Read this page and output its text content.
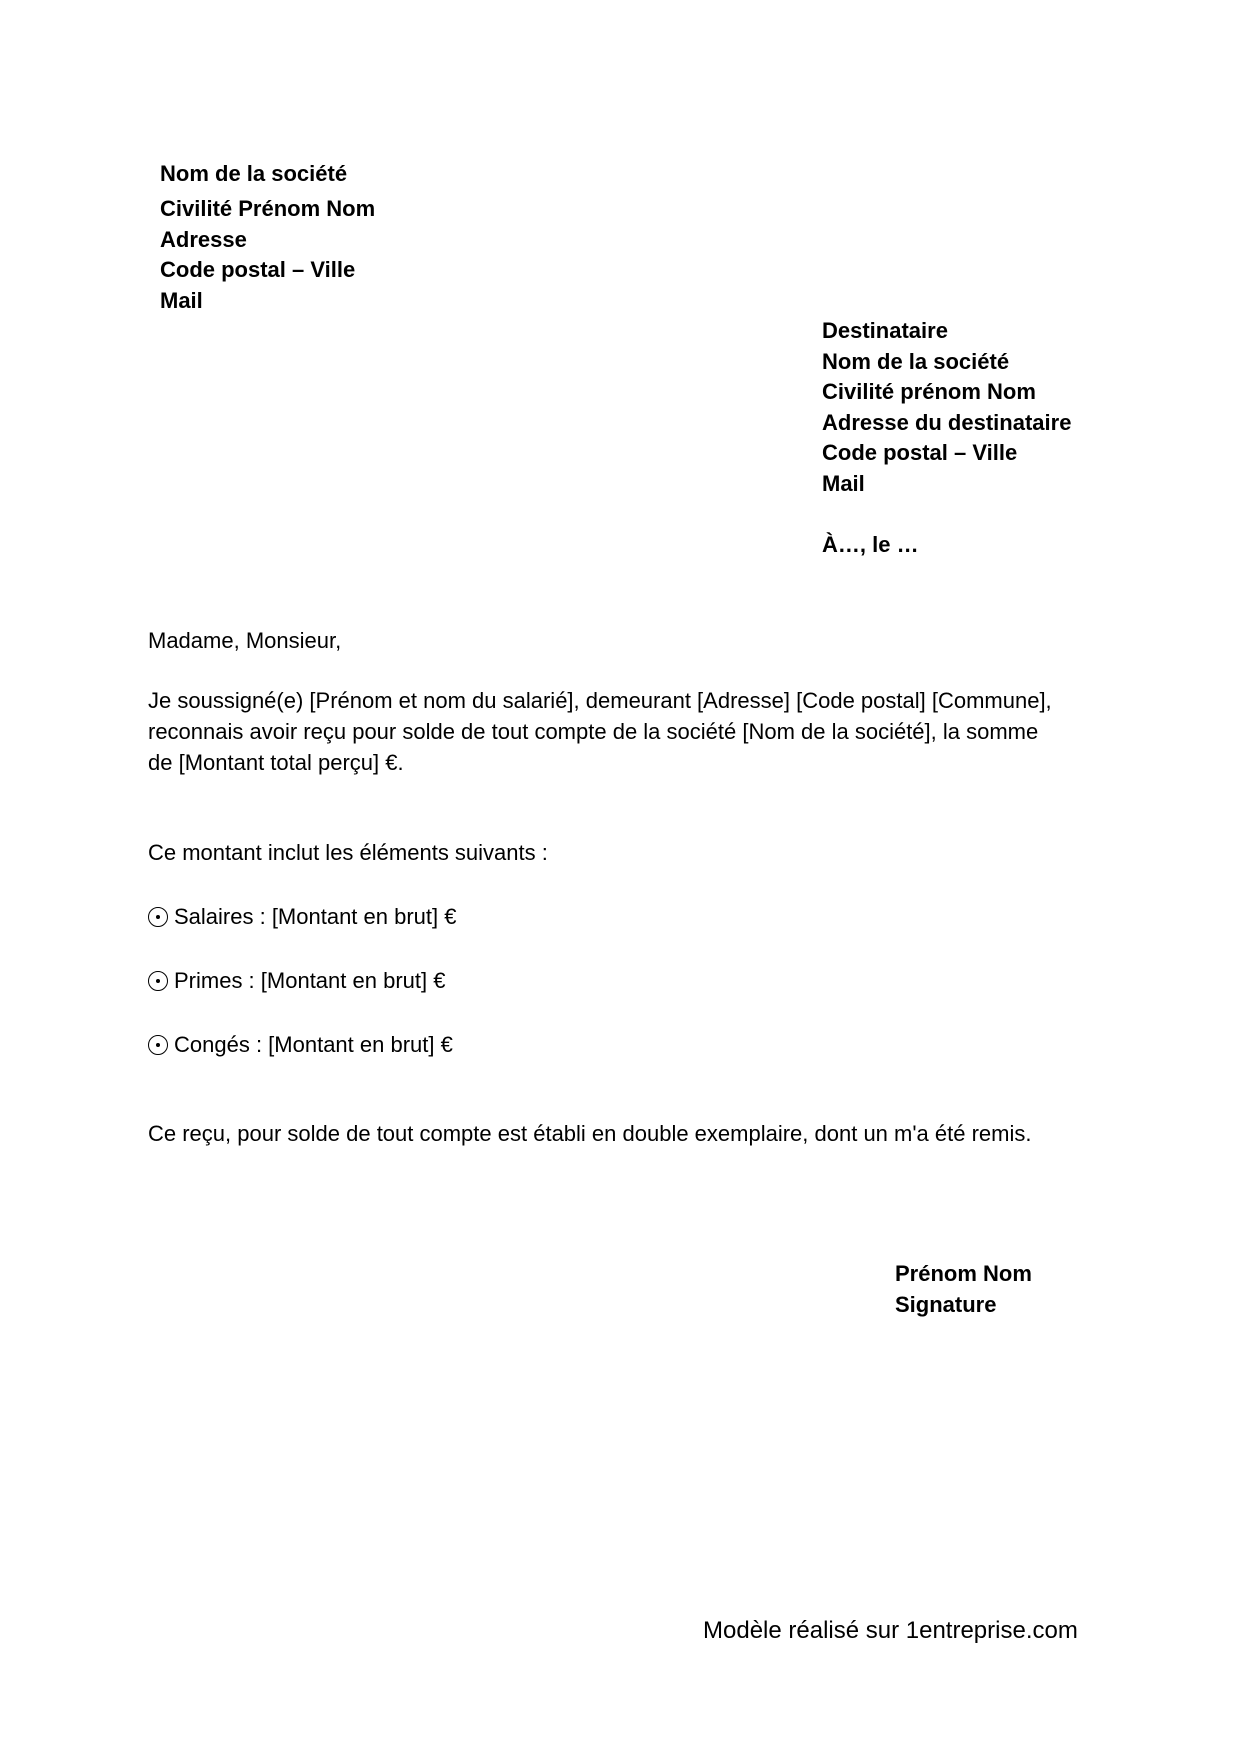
Nom de la société
Civilité Prénom Nom
Adresse
Code postal – Ville
Mail
Destinataire
Nom de la société
Civilité prénom Nom
Adresse du destinataire
Code postal – Ville
Mail
À…, le …
Madame, Monsieur,
Je soussigné(e) [Prénom et nom du salarié], demeurant [Adresse] [Code postal] [Commune],
reconnais avoir reçu pour solde de tout compte de la société [Nom de la société], la somme
de [Montant total perçu] €.
Ce montant inclut les éléments suivants :
Salaires : [Montant en brut] €
Primes : [Montant en brut] €
Congés : [Montant en brut] €
Ce reçu, pour solde de tout compte est établi en double exemplaire, dont un m'a été remis.
Prénom Nom
Signature
Modèle réalisé sur 1entreprise.com
